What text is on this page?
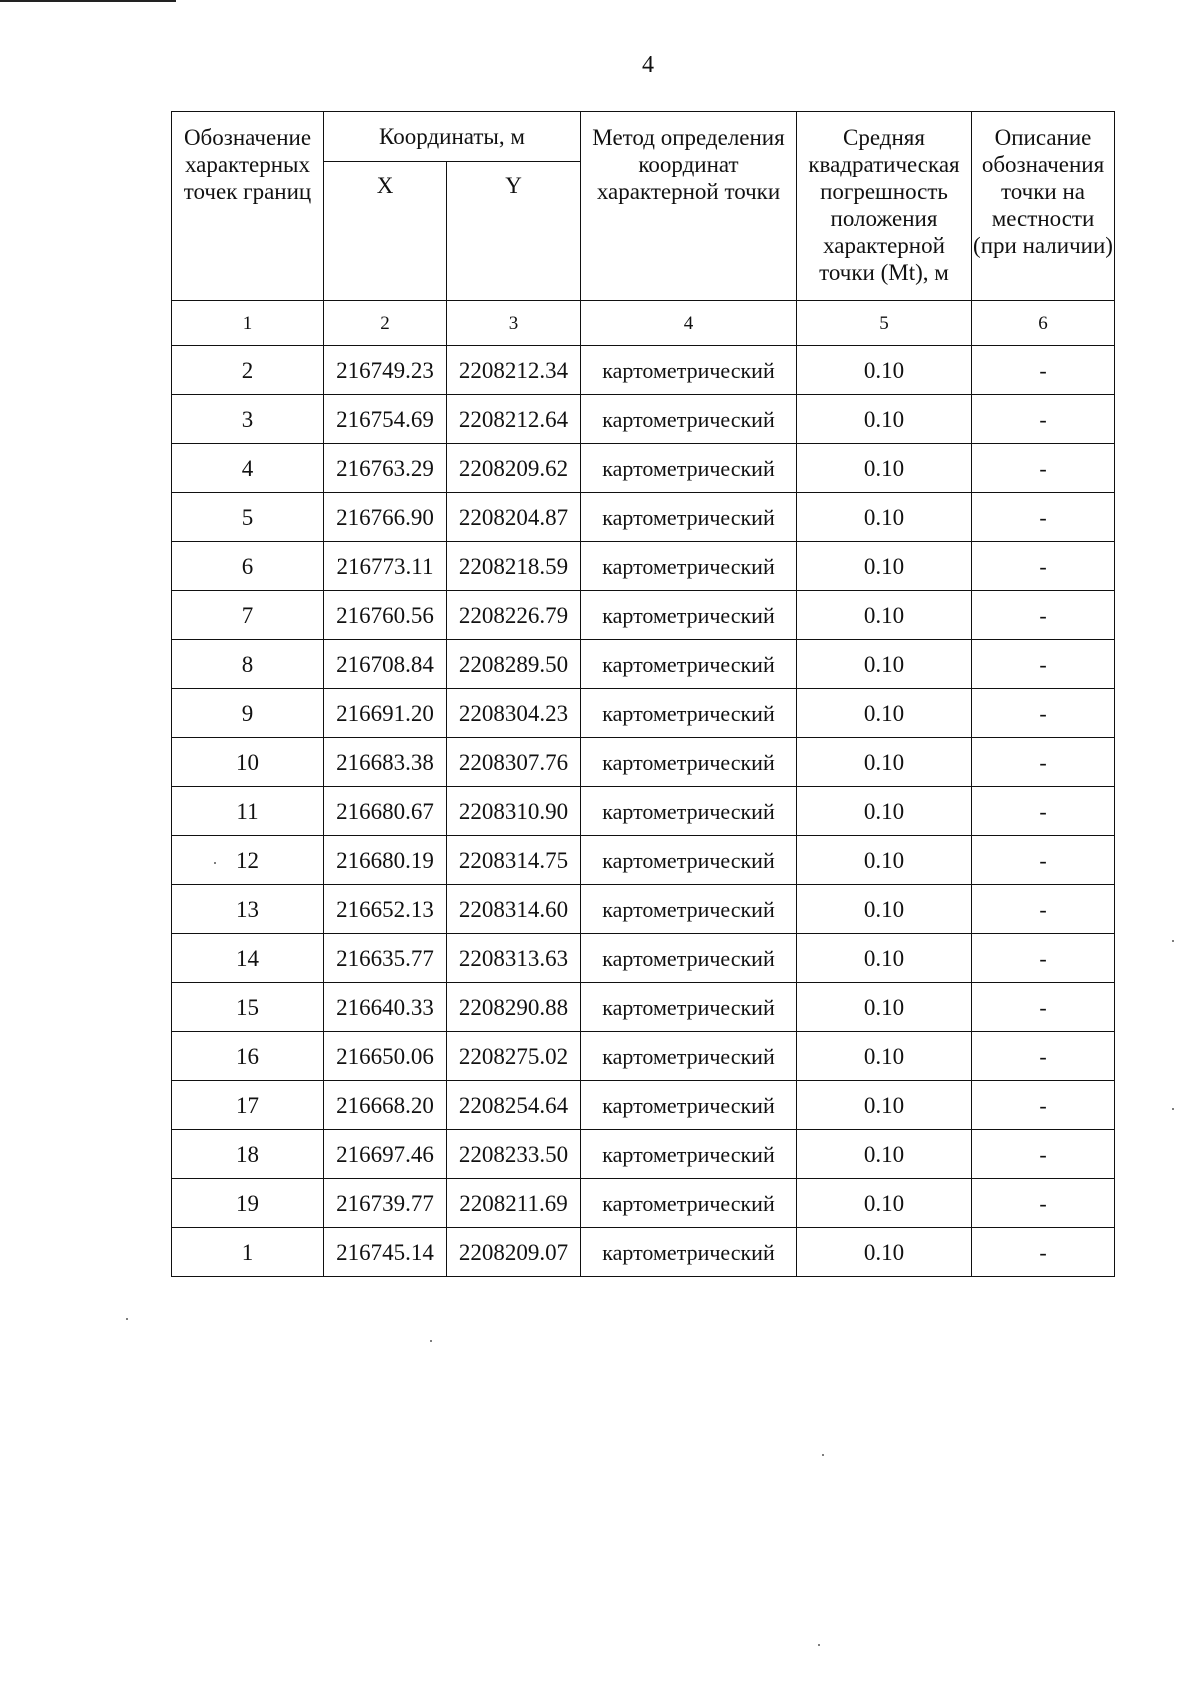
4
Обозначение характерных точек границ	Координаты, м		Метод определения координат характерной точки	Средняя квадратическая погрешность положения характерной точки (Mt), м	Описание обозначения точки на местности (при наличии)
	X	Y			
1	2	3	4	5	6
2	216749.23	2208212.34	картометрический	0.10	-
3	216754.69	2208212.64	картометрический	0.10	-
4	216763.29	2208209.62	картометрический	0.10	-
5	216766.90	2208204.87	картометрический	0.10	-
6	216773.11	2208218.59	картометрический	0.10	-
7	216760.56	2208226.79	картометрический	0.10	-
8	216708.84	2208289.50	картометрический	0.10	-
9	216691.20	2208304.23	картометрический	0.10	-
10	216683.38	2208307.76	картометрический	0.10	-
11	216680.67	2208310.90	картометрический	0.10	-
12	216680.19	2208314.75	картометрический	0.10	-
13	216652.13	2208314.60	картометрический	0.10	-
14	216635.77	2208313.63	картометрический	0.10	-
15	216640.33	2208290.88	картометрический	0.10	-
16	216650.06	2208275.02	картометрический	0.10	-
17	216668.20	2208254.64	картометрический	0.10	-
18	216697.46	2208233.50	картометрический	0.10	-
19	216739.77	2208211.69	картометрический	0.10	-
1	216745.14	2208209.07	картометрический	0.10	-
